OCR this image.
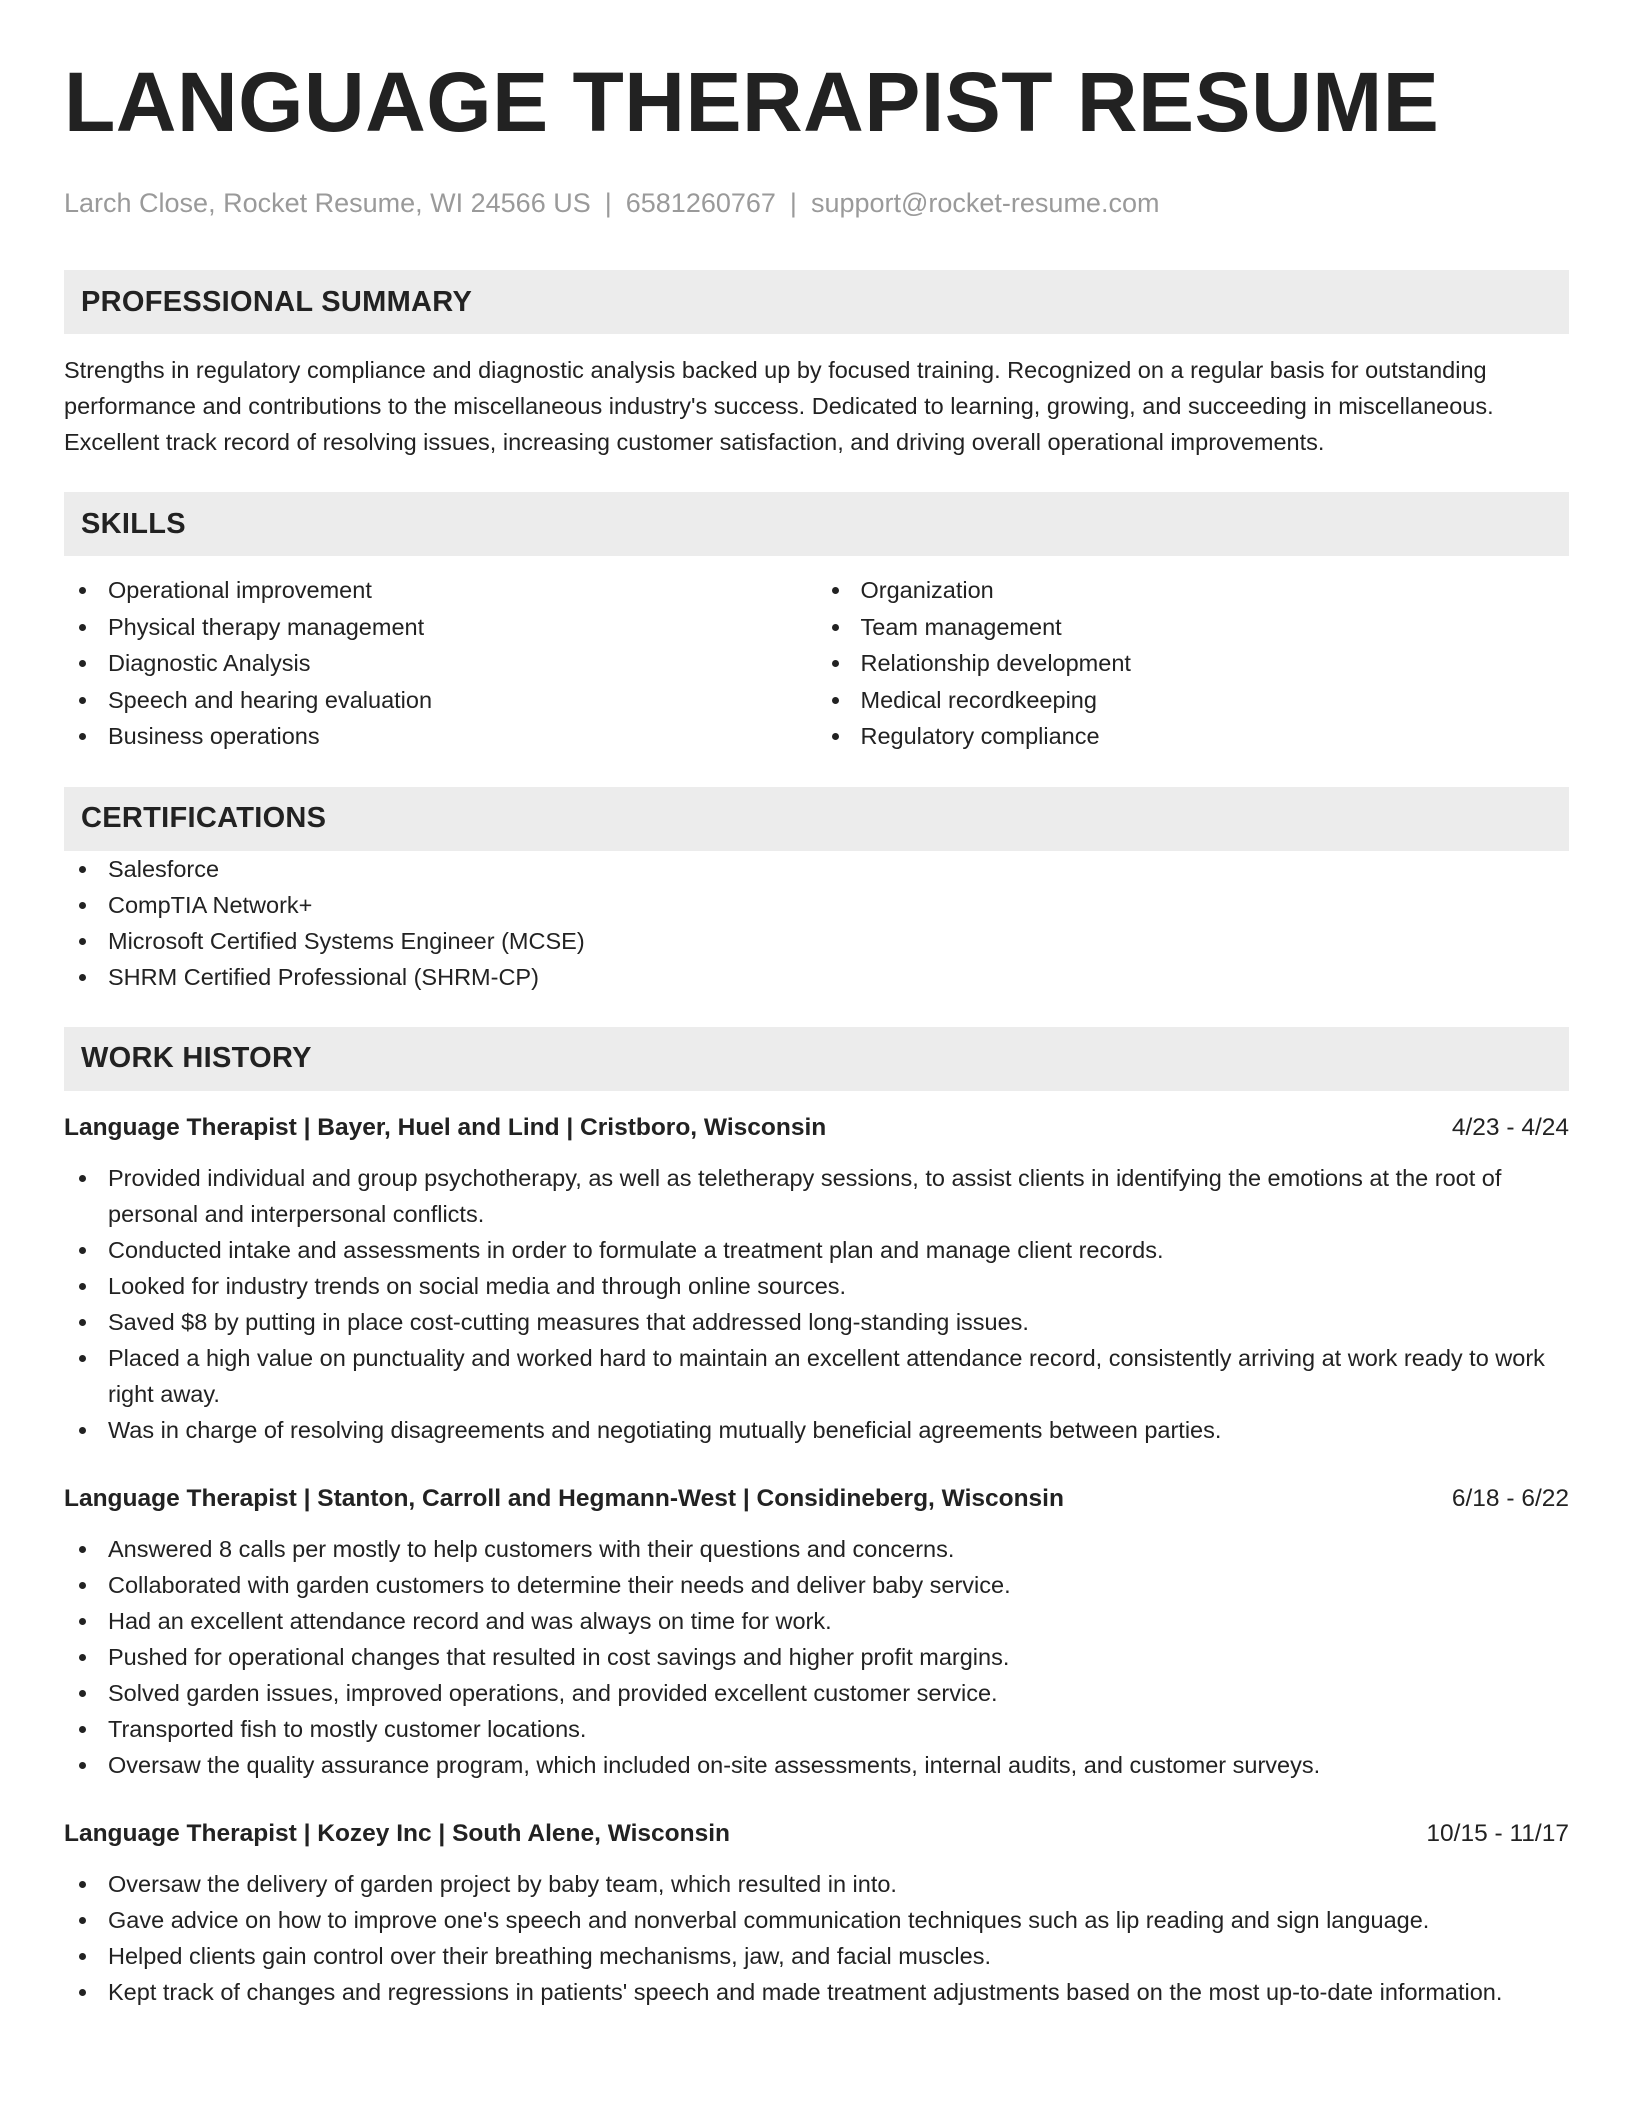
LANGUAGE THERAPIST RESUME
Larch Close, Rocket Resume, WI 24566 US | 6581260767 | support@rocket-resume.com
PROFESSIONAL SUMMARY

Strengths in regulatory compliance and diagnostic analysis backed up by focused training. Recognized on a regular basis for outstanding performance and contributions to the miscellaneous industry's success. Dedicated to learning, growing, and succeeding in miscellaneous. Excellent track record of resolving issues, increasing customer satisfaction, and driving overall operational improvements.

SKILLS
Operational improvement
Physical therapy management
Diagnostic Analysis
Speech and hearing evaluation
Business operations
Organization
Team management
Relationship development
Medical recordkeeping
Regulatory compliance
CERTIFICATIONS
Salesforce
CompTIA Network+
Microsoft Certified Systems Engineer (MCSE)
SHRM Certified Professional (SHRM-CP)
WORK HISTORY
Language Therapist | Bayer, Huel and Lind | Cristboro, Wisconsin	4/23 - 4/24
Provided individual and group psychotherapy, as well as teletherapy sessions, to assist clients in identifying the emotions at the root of personal and interpersonal conflicts.
Conducted intake and assessments in order to formulate a treatment plan and manage client records.
Looked for industry trends on social media and through online sources.
Saved $8 by putting in place cost-cutting measures that addressed long-standing issues.
Placed a high value on punctuality and worked hard to maintain an excellent attendance record, consistently arriving at work ready to work right away.
Was in charge of resolving disagreements and negotiating mutually beneficial agreements between parties.
Language Therapist | Stanton, Carroll and Hegmann-West | Considineberg, Wisconsin	6/18 - 6/22
Answered 8 calls per mostly to help customers with their questions and concerns.
Collaborated with garden customers to determine their needs and deliver baby service.
Had an excellent attendance record and was always on time for work.
Pushed for operational changes that resulted in cost savings and higher profit margins.
Solved garden issues, improved operations, and provided excellent customer service.
Transported fish to mostly customer locations.
Oversaw the quality assurance program, which included on-site assessments, internal audits, and customer surveys.
Language Therapist | Kozey Inc | South Alene, Wisconsin	10/15 - 11/17
Oversaw the delivery of garden project by baby team, which resulted in into.
Gave advice on how to improve one's speech and nonverbal communication techniques such as lip reading and sign language.
Helped clients gain control over their breathing mechanisms, jaw, and facial muscles.
Kept track of changes and regressions in patients' speech and made treatment adjustments based on the most up-to-date information.
